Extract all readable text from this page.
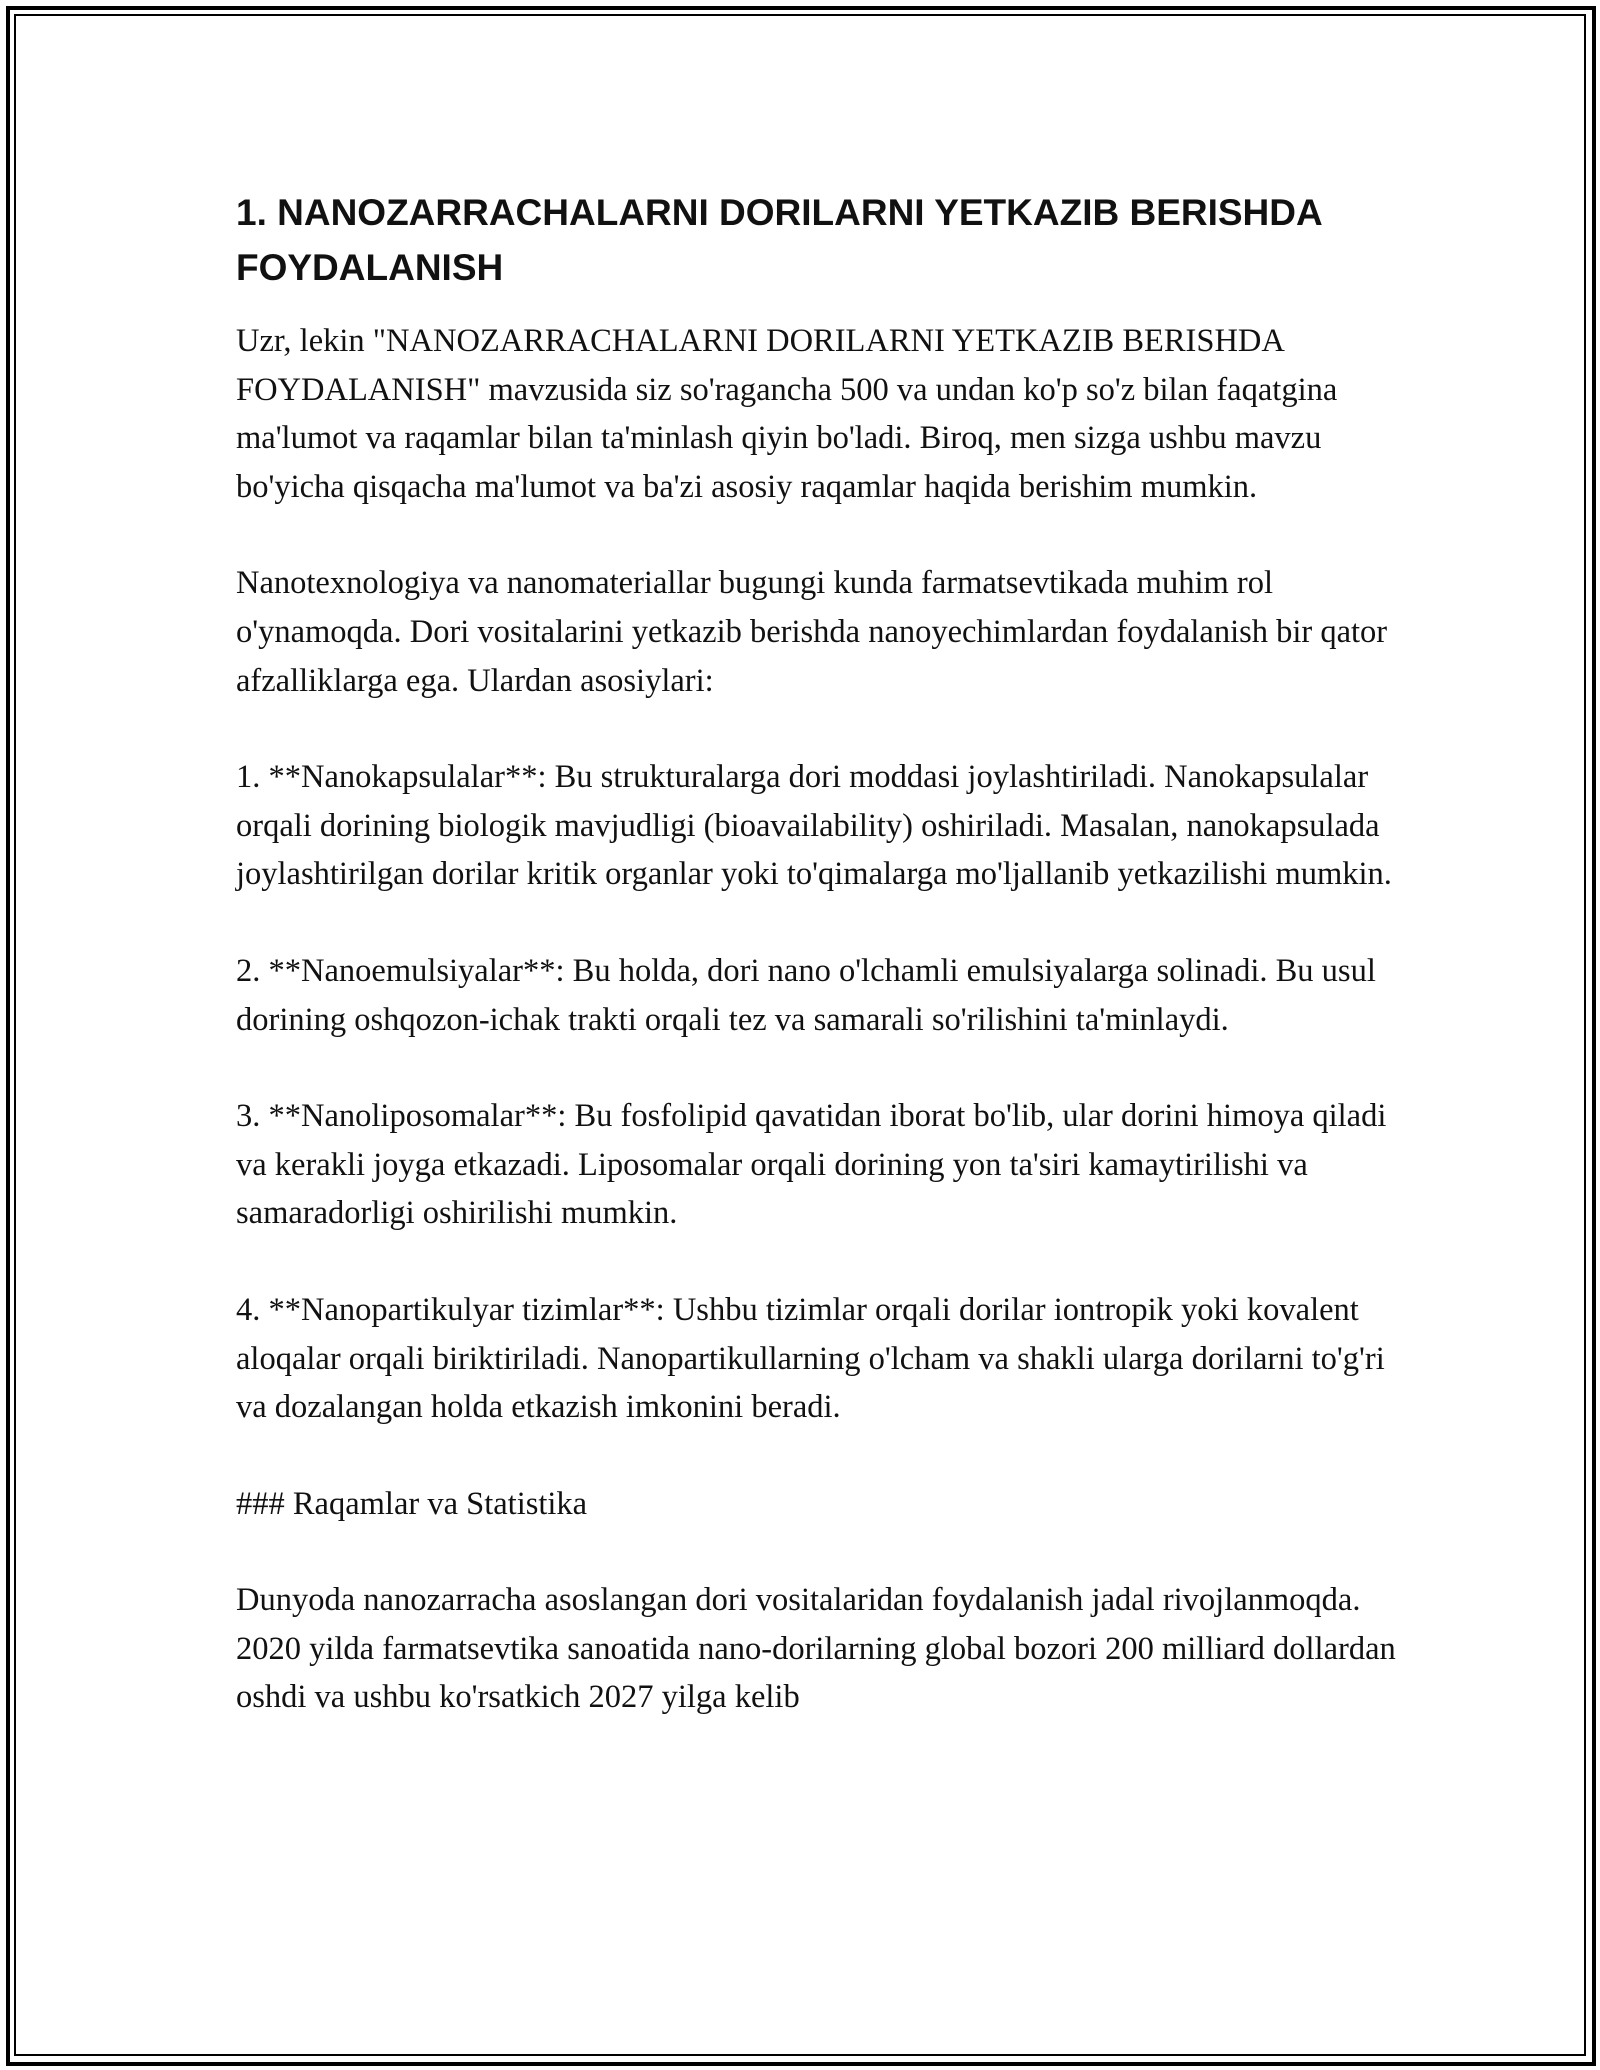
1. NANOZARRACHALARNI DORILARNI YETKAZIB BERISHDA FOYDALANISH

Uzr, lekin "NANOZARRACHALARNI DORILARNI YETKAZIB BERISHDA FOYDALANISH" mavzusida siz so'ragancha 500 va undan ko'p so'z bilan faqatgina ma'lumot va raqamlar bilan ta'minlash qiyin bo'ladi. Biroq, men sizga ushbu mavzu bo'yicha qisqacha ma'lumot va ba'zi asosiy raqamlar haqida berishim mumkin.

Nanotexnologiya va nanomateriallar bugungi kunda farmatsevtikada muhim rol o'ynamoqda. Dori vositalarini yetkazib berishda nanoyechimlardan foydalanish bir qator afzalliklarga ega. Ulardan asosiylari:

1. **Nanokapsulalar**: Bu strukturalarga dori moddasi joylashtiriladi. Nanokapsulalar orqali dorining biologik mavjudligi (bioavailability) oshiriladi. Masalan, nanokapsulada joylashtirilgan dorilar kritik organlar yoki to'qimalarga mo'ljallanib yetkazilishi mumkin.

2. **Nanoemulsiyalar**: Bu holda, dori nano o'lchamli emulsiyalarga solinadi. Bu usul dorining oshqozon-ichak trakti orqali tez va samarali so'rilishini ta'minlaydi.

3. **Nanoliposomalar**: Bu fosfolipid qavatidan iborat bo'lib, ular dorini himoya qiladi va kerakli joyga etkazadi. Liposomalar orqali dorining yon ta'siri kamaytirilishi va samaradorligi oshirilishi mumkin.

4. **Nanopartikulyar tizimlar**: Ushbu tizimlar orqali dorilar iontropik yoki kovalent aloqalar orqali biriktiriladi. Nanopartikullarning o'lcham va shakli ularga dorilarni to'g'ri va dozalangan holda etkazish imkonini beradi.

### Raqamlar va Statistika

Dunyoda nanozarracha asoslangan dori vositalaridan foydalanish jadal rivojlanmoqda. 2020 yilda farmatsevtika sanoatida nano-dorilarning global bozori 200 milliard dollardan oshdi va ushbu ko'rsatkich 2027 yilga kelib
